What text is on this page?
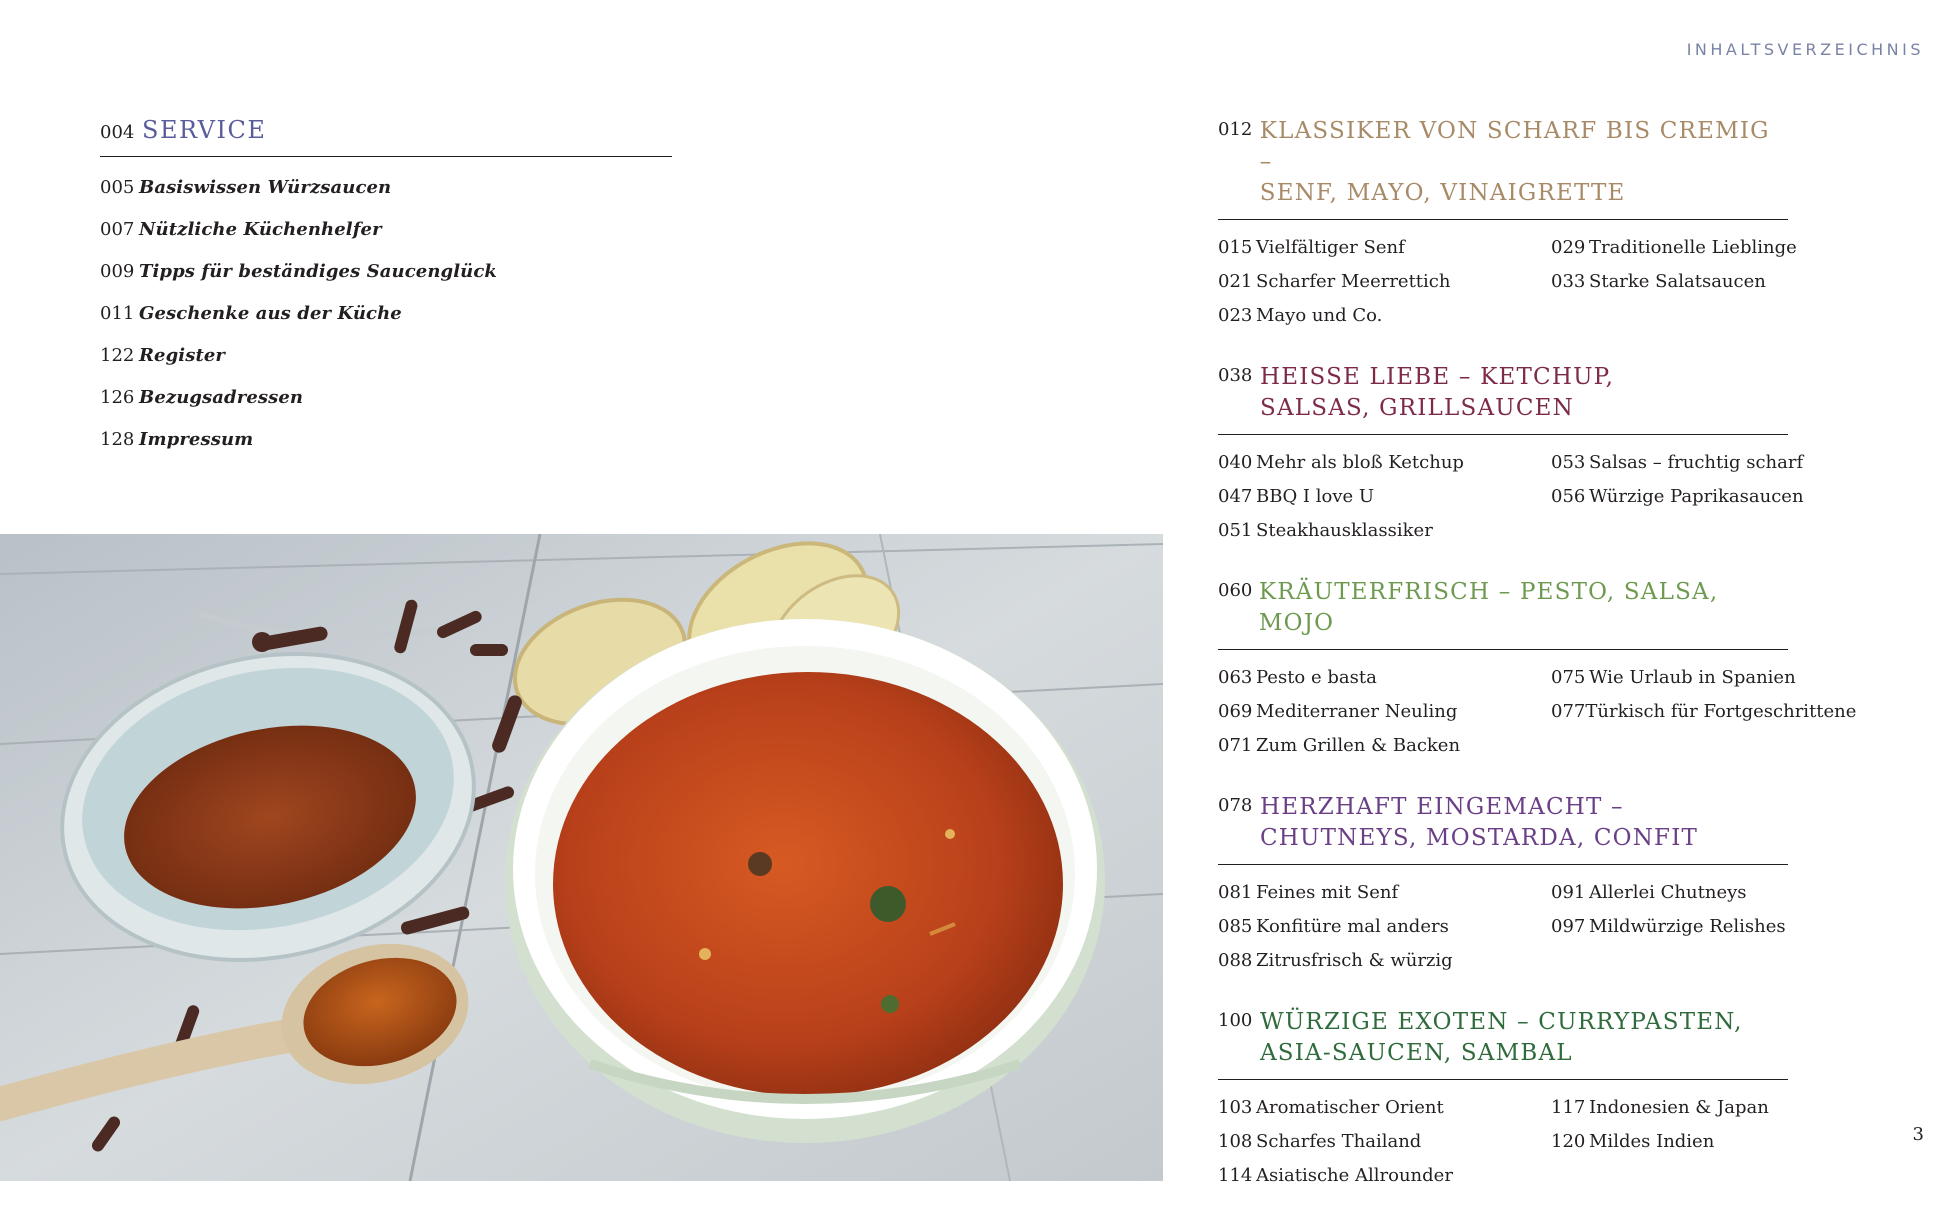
INHALTSVERZEICHNIS
004 SERVICE
005 Basiswissen Würzsaucen
007 Nützliche Küchenhelfer
009 Tipps für beständiges Saucenglück
011 Geschenke aus der Küche
122 Register
126 Bezugsadressen
128 Impressum
012 KLASSIKER VON SCHARF BIS CREMIG –
SENF, MAYO, VINAIGRETTE
015 Vielfältiger Senf	029 Traditionelle Lieblinge
021 Scharfer Meerrettich	033 Starke Salatsaucen
023 Mayo und Co.
038 HEISSE LIEBE – KETCHUP,
SALSAS, GRILLSAUCEN
040 Mehr als bloß Ketchup	053 Salsas – fruchtig scharf
047 BBQ I love U	056 Würzige Paprikasaucen
051 Steakhausklassiker
060 KRÄUTERFRISCH – PESTO, SALSA, MOJO
063 Pesto e basta	075 Wie Urlaub in Spanien
069 Mediterraner Neuling	077 Türkisch für Fortgeschrittene
071 Zum Grillen & Backen
078 HERZHAFT EINGEMACHT –
CHUTNEYS, MOSTARDA, CONFIT
081 Feines mit Senf	091 Allerlei Chutneys
085 Konfitüre mal anders	097 Mildwürzige Relishes
088 Zitrusfrisch & würzig
100 WÜRZIGE EXOTEN – CURRYPASTEN,
ASIA-SAUCEN, SAMBAL
103 Aromatischer Orient	117 Indonesien & Japan
108 Scharfes Thailand	120 Mildes Indien
114 Asiatische Allrounder
3
